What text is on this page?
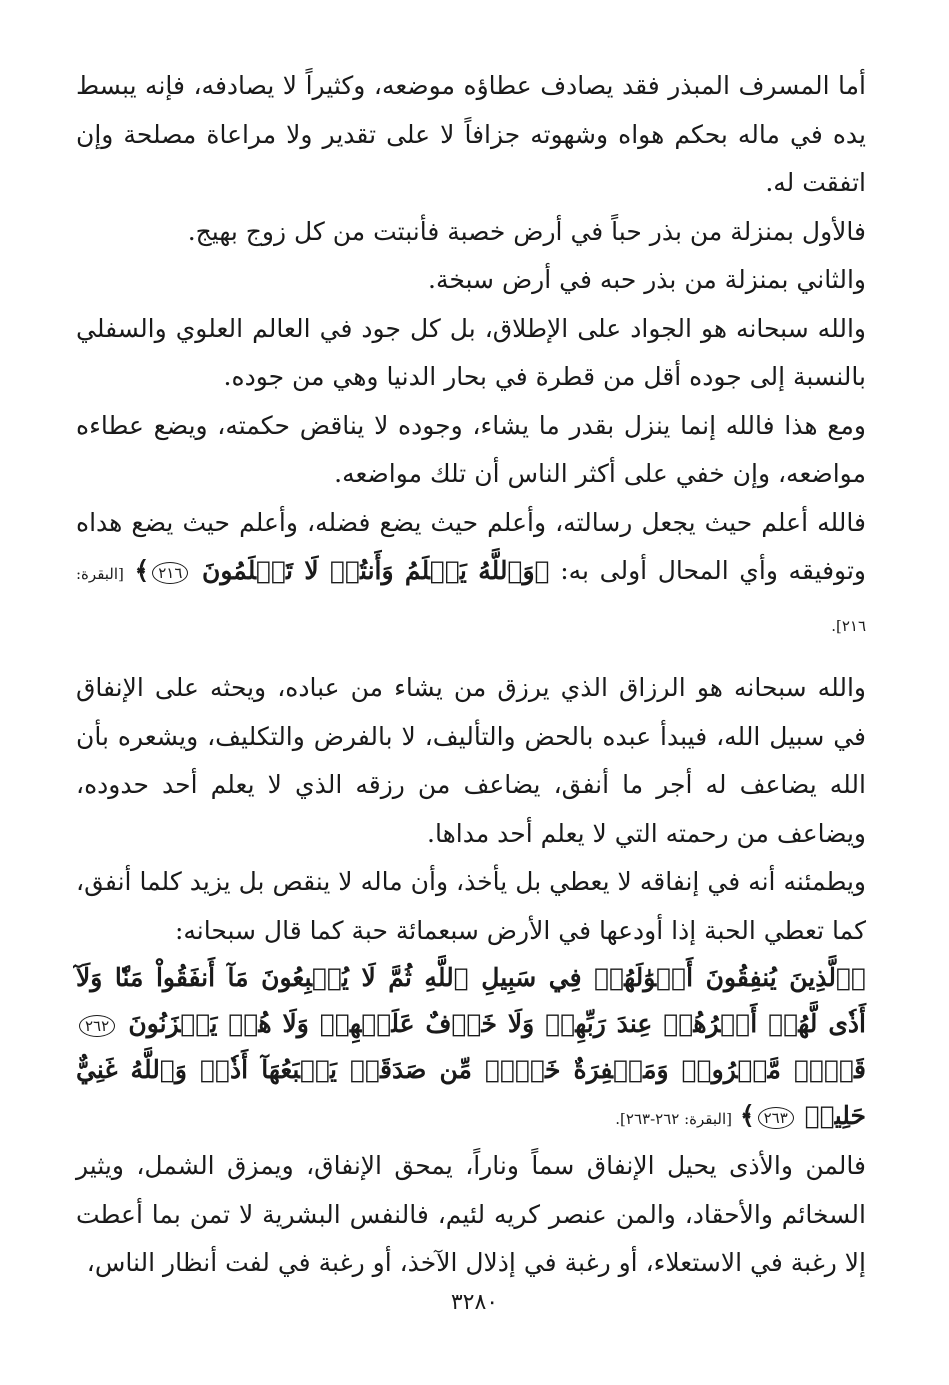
أما المسرف المبذر فقد يصادف عطاؤه موضعه، وكثيراً لا يصادفه، فإنه يبسط يده في ماله بحكم هواه وشهوته جزافاً لا على تقدير ولا مراعاة مصلحة وإن اتفقت له.

فالأول بمنزلة من بذر حباً في أرض خصبة فأنبتت من كل زوج بهيج.

والثاني بمنزلة من بذر حبه في أرض سبخة.

والله سبحانه هو الجواد على الإطلاق، بل كل جود في العالم العلوي والسفلي بالنسبة إلى جوده أقل من قطرة في بحار الدنيا وهي من جوده.

ومع هذا فالله إنما ينزل بقدر ما يشاء، وجوده لا يناقض حكمته، ويضع عطاءه مواضعه، وإن خفي على أكثر الناس أن تلك مواضعه.

فالله أعلم حيث يجعل رسالته، وأعلم حيث يضع فضله، وأعلم حيث يضع هداه وتوفيقه وأي المحال أولى به: ﴿وَٱللَّهُ يَعۡلَمُ وَأَنتُمۡ لَا تَعۡلَمُونَ ٢١٦﴾ [البقرة: ٢١٦].

والله سبحانه هو الرزاق الذي يرزق من يشاء من عباده، ويحثه على الإنفاق في سبيل الله، فيبدأ عبده بالحض والتأليف، لا بالفرض والتكليف، ويشعره بأن الله يضاعف له أجر ما أنفق، يضاعف من رزقه الذي لا يعلم أحد حدوده، ويضاعف من رحمته التي لا يعلم أحد مداها.

ويطمئنه أنه في إنفاقه لا يعطي بل يأخذ، وأن ماله لا ينقص بل يزيد كلما أنفق، كما تعطي الحبة إذا أودعها في الأرض سبعمائة حبة كما قال سبحانه:

﴿ٱلَّذِينَ يُنفِقُونَ أَمۡوَٰلَهُمۡ فِي سَبِيلِ ٱللَّهِ ثُمَّ لَا يُتۡبِعُونَ مَآ أَنفَقُواْ مَنّٗا وَلَآ أَذٗى لَّهُمۡ أَجۡرُهُمۡ عِندَ رَبِّهِمۡ وَلَا خَوۡفٌ عَلَيۡهِمۡ وَلَا هُمۡ يَحۡزَنُونَ ٢٦٢ قَوۡلٞ مَّعۡرُوفٞ وَمَغۡفِرَةٌ خَيۡرٞ مِّن صَدَقَةٖ يَتۡبَعُهَآ أَذٗىۗ وَٱللَّهُ غَنِيٌّ حَلِيمٞ ٢٦٣﴾ [البقرة: ٢٦٢-٢٦٣].

فالمن والأذى يحيل الإنفاق سماً وناراً، يمحق الإنفاق، ويمزق الشمل، ويثير السخائم والأحقاد، والمن عنصر كريه لئيم، فالنفس البشرية لا تمن بما أعطت إلا رغبة في الاستعلاء، أو رغبة في إذلال الآخذ، أو رغبة في لفت أنظار الناس،

٣٢٨٠
